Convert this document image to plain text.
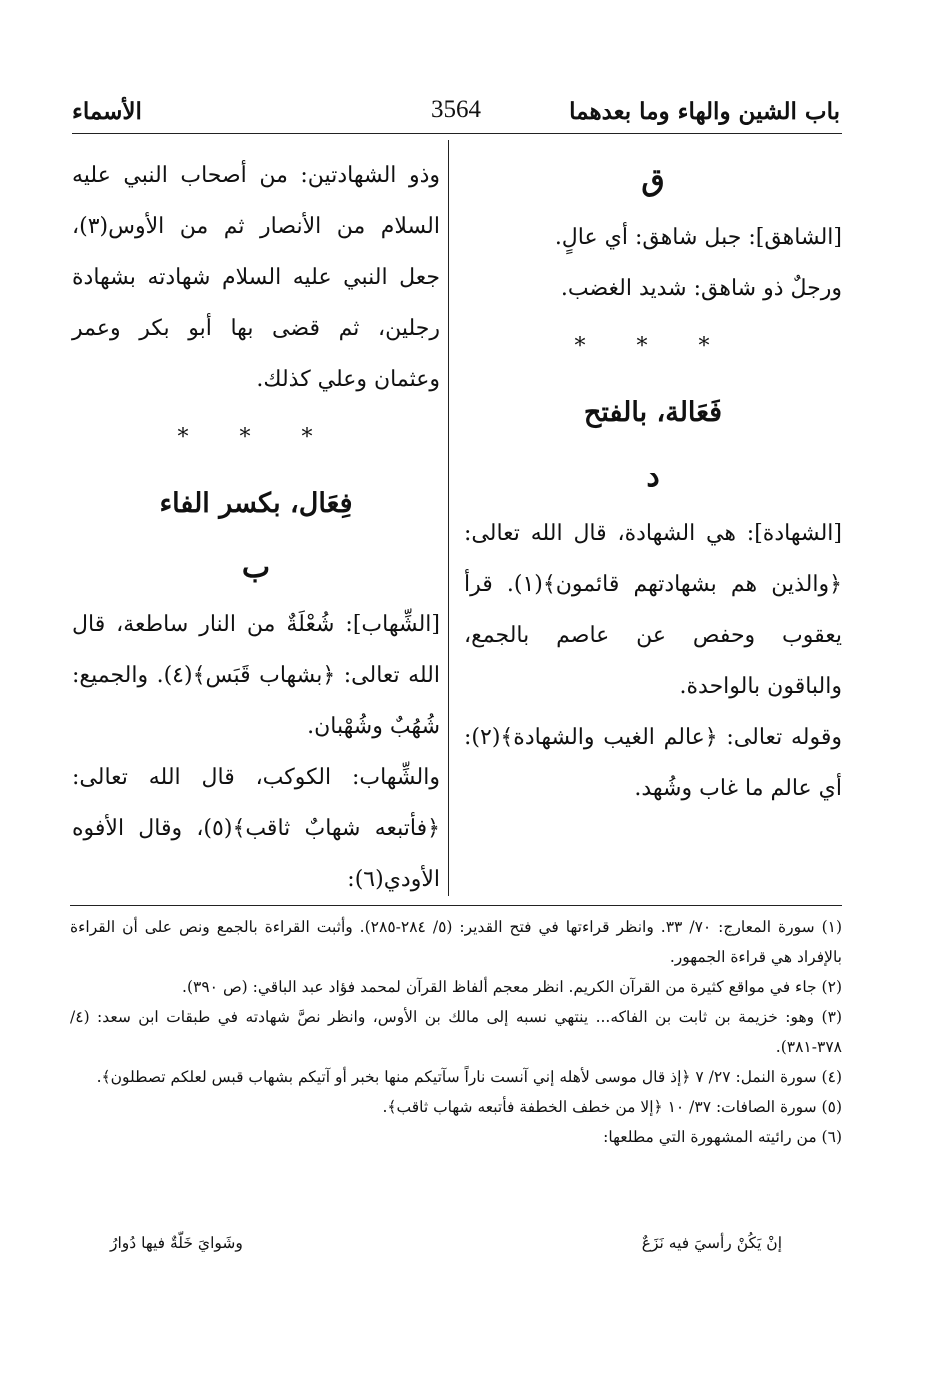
باب الشين والهاء وما بعدهما
3564
الأسماء

ق

[الشاهق]: جبل شاهق: أي عالٍ.

ورجلٌ ذو شاهق: شديد الغضب.

* * *

فَعَالة، بالفتح

د

[الشهادة]: هي الشهادة، قال الله تعالى: ﴿والذين هم بشهادتهم قائمون﴾(١). قرأ يعقوب وحفص عن عاصم بالجمع، والباقون بالواحدة.

وقوله تعالى: ﴿عالم الغيب والشهادة﴾(٢): أي عالم ما غاب وشُهد.

وذو الشهادتين: من أصحاب النبي عليه السلام من الأنصار ثم من الأوس(٣)، جعل النبي عليه السلام شهادته بشهادة رجلين، ثم قضى بها أبو بكر وعمر وعثمان وعلي كذلك.

* * *

فِعَال، بكسر الفاء

ب

[الشِّهاب]: شُعْلَةٌ من النار ساطعة، قال الله تعالى: ﴿بشهاب قَبَس﴾(٤). والجميع: شُهُبٌ وشُهْبان.

والشِّهاب: الكوكب، قال الله تعالى: ﴿فأتبعه شهابٌ ثاقب﴾(٥)، وقال الأفوه الأودي(٦):

(١) سورة المعارج: ٧٠/ ٣٣. وانظر قراءتها في فتح القدير: (٥/ ٢٨٤-٢٨٥). وأثبت القراءة بالجمع ونص على أن القراءة بالإفراد هي قراءة الجمهور.

(٢) جاء في مواقع كثيرة من القرآن الكريم. انظر معجم ألفاظ القرآن لمحمد فؤاد عبد الباقي: (ص ٣٩٠).

(٣) وهو: خزيمة بن ثابت بن الفاكه... ينتهي نسبه إلى مالك بن الأوس، وانظر نصَّ شهادته في طبقات ابن سعد: (٤/ ٣٧٨-٣٨١).

(٤) سورة النمل: ٢٧/ ٧ ﴿إذ قال موسى لأهله إني آنست ناراً سآتيكم منها بخبر أو آتيكم بشهاب قبس لعلكم تصطلون﴾.

(٥) سورة الصافات: ٣٧/ ١٠ ﴿إلا من خطف الخطفة فأتبعه شهاب ثاقب﴾.

(٦) من رائيته المشهورة التي مطلعها:

إنْ يَكُنْ رأسيَ فيه نَزَعٌ
وشَوايَ خَلّةٌ فيها دُوارُ
